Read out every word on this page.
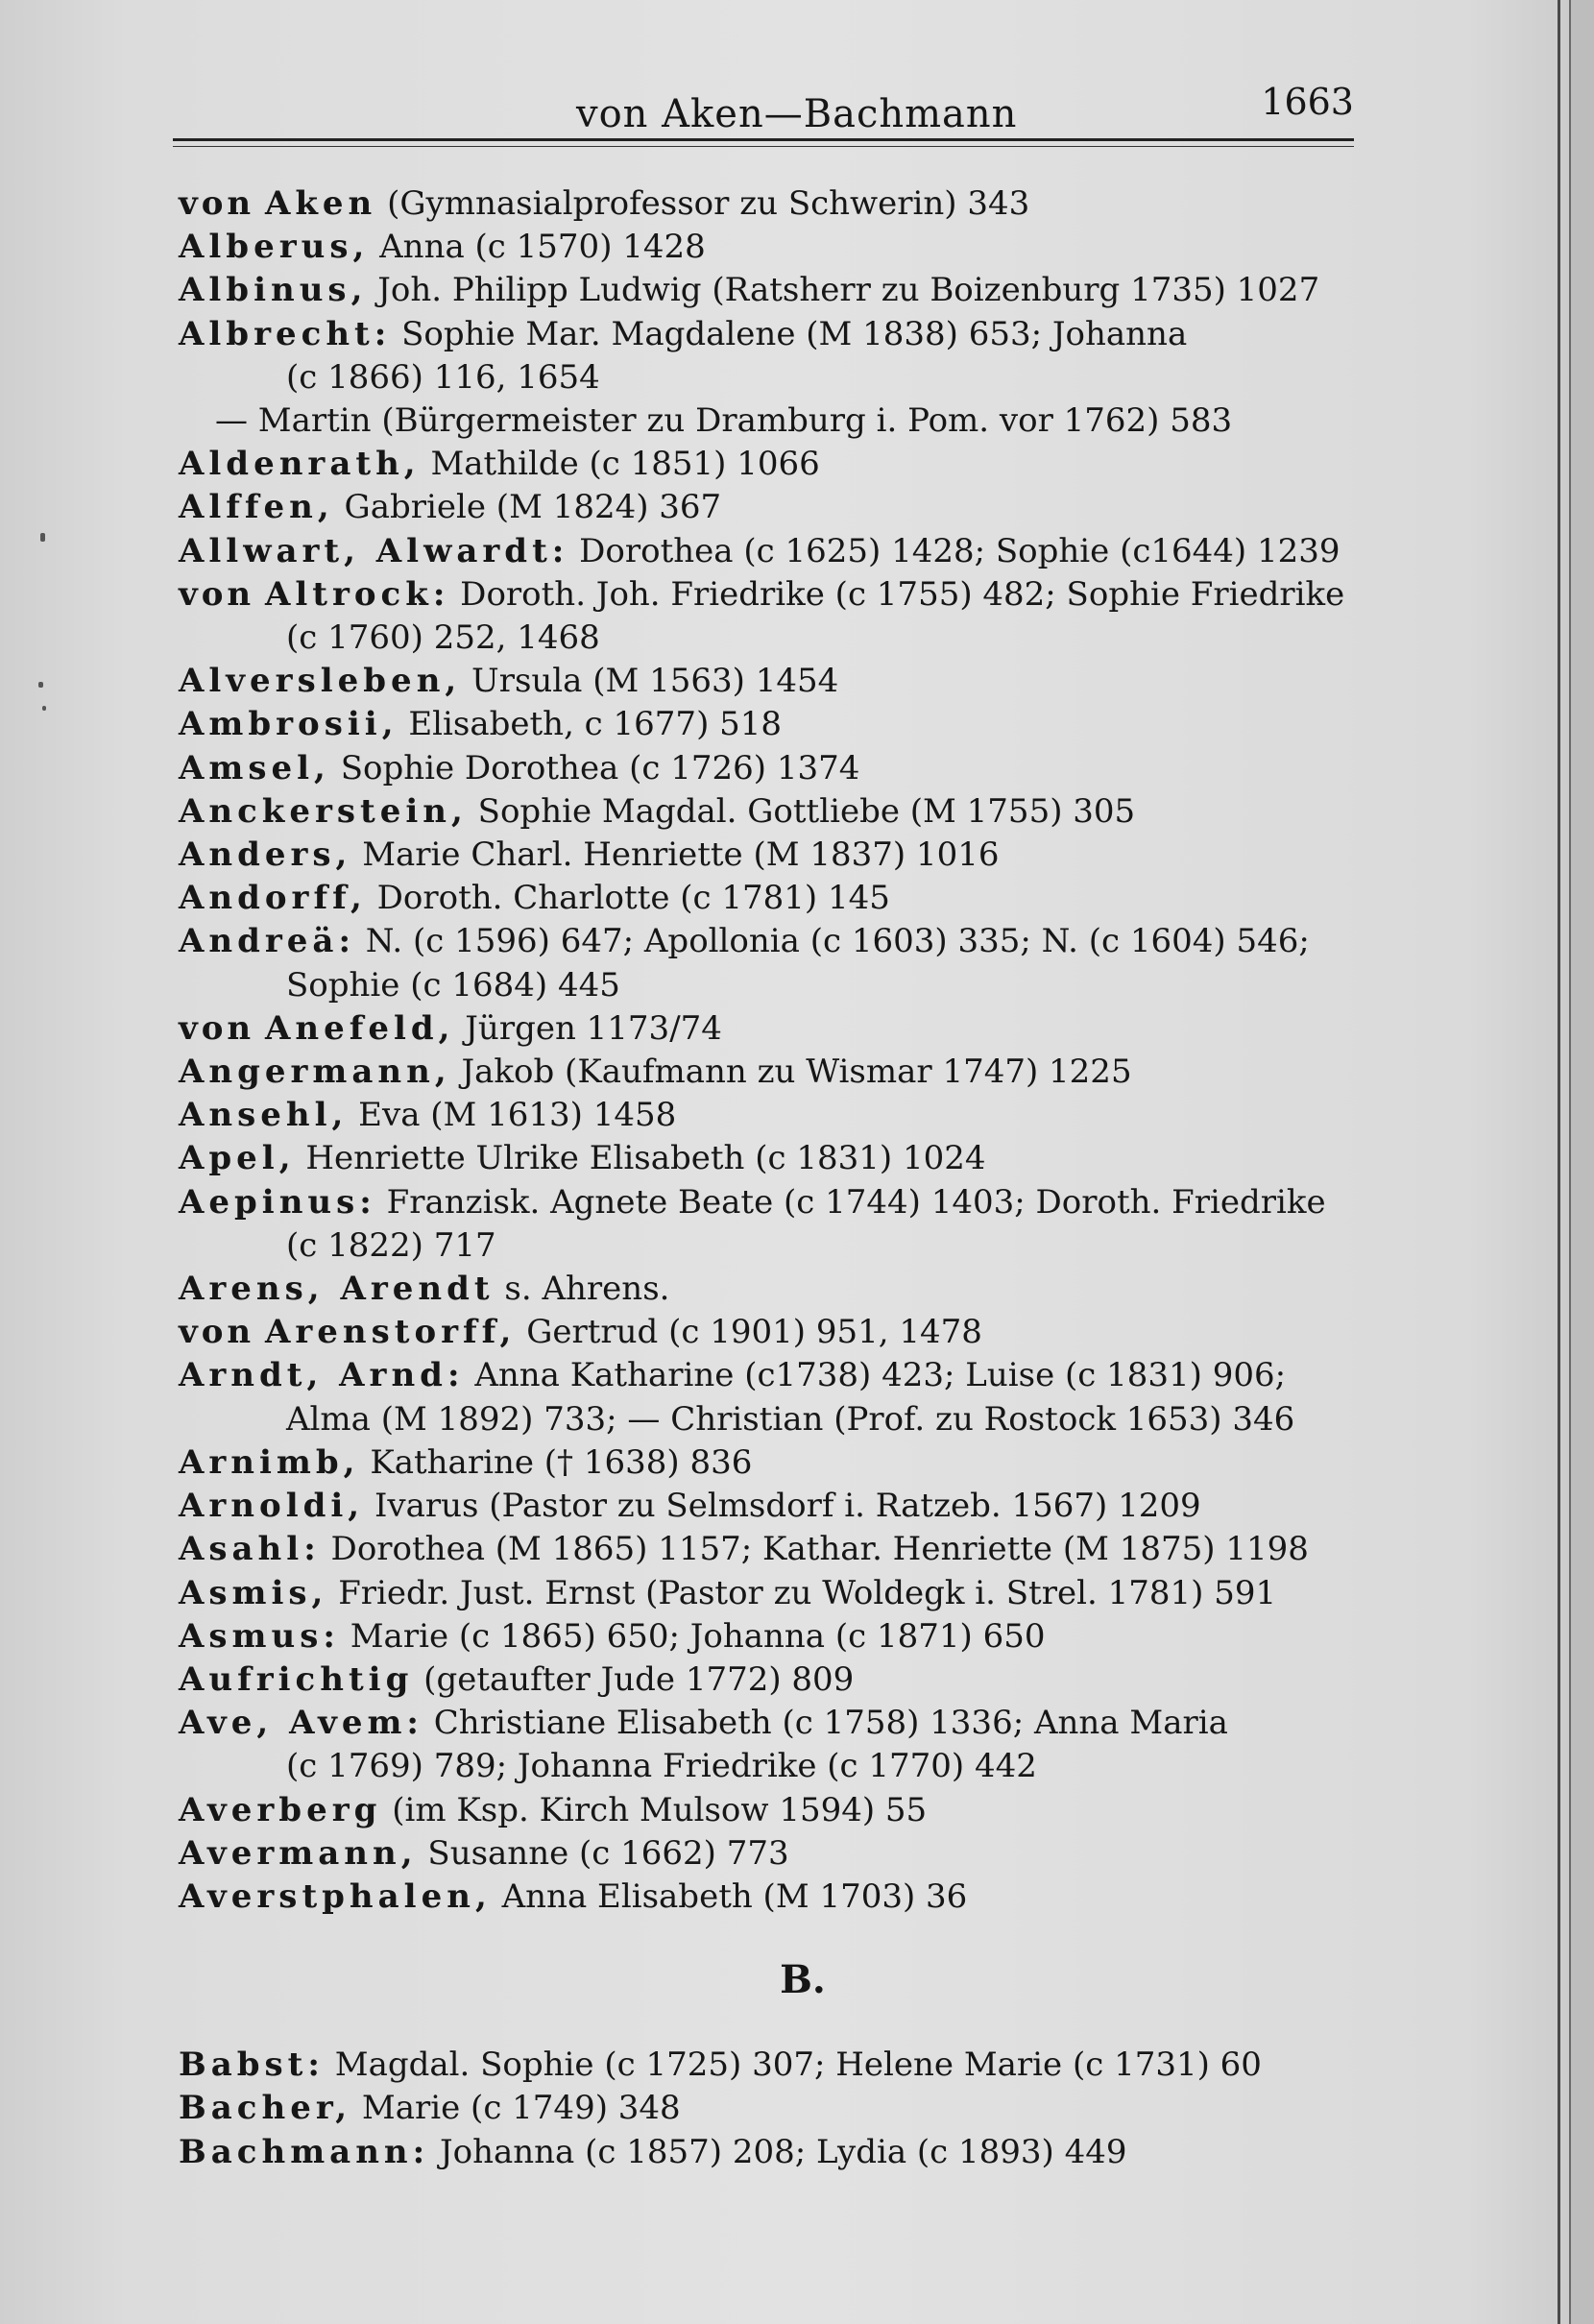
von Aken—Bachmann	1663

von Aken (Gymnasialprofessor zu Schwerin) 343

Alberus, Anna (c 1570) 1428

Albinus, Joh. Philipp Ludwig (Ratsherr zu Boizenburg 1735) 1027

Albrecht: Sophie Mar. Magdalene (M 1838) 653; Johanna

(c 1866) 116, 1654

— Martin (Bürgermeister zu Dramburg i. Pom. vor 1762) 583

Aldenrath, Mathilde (c 1851) 1066

Alffen, Gabriele (M 1824) 367

Allwart, Alwardt: Dorothea (c 1625) 1428; Sophie (c1644) 1239

von Altrock: Doroth. Joh. Friedrike (c 1755) 482; Sophie Friedrike

(c 1760) 252, 1468

Alversleben, Ursula (M 1563) 1454

Ambrosii, Elisabeth, c 1677) 518

Amsel, Sophie Dorothea (c 1726) 1374

Anckerstein, Sophie Magdal. Gottliebe (M 1755) 305

Anders, Marie Charl. Henriette (M 1837) 1016

Andorff, Doroth. Charlotte (c 1781) 145

Andreä: N. (c 1596) 647; Apollonia (c 1603) 335; N. (c 1604) 546;

Sophie (c 1684) 445

von Anefeld, Jürgen 1173/74

Angermann, Jakob (Kaufmann zu Wismar 1747) 1225

Ansehl, Eva (M 1613) 1458

Apel, Henriette Ulrike Elisabeth (c 1831) 1024

Aepinus: Franzisk. Agnete Beate (c 1744) 1403; Doroth. Friedrike

(c 1822) 717

Arens, Arendt s. Ahrens.

von Arenstorff, Gertrud (c 1901) 951, 1478

Arndt, Arnd: Anna Katharine (c1738) 423; Luise (c 1831) 906;

Alma (M 1892) 733; — Christian (Prof. zu Rostock 1653) 346

Arnimb, Katharine († 1638) 836

Arnoldi, Ivarus (Pastor zu Selmsdorf i. Ratzeb. 1567) 1209

Asahl: Dorothea (M 1865) 1157; Kathar. Henriette (M 1875) 1198

Asmis, Friedr. Just. Ernst (Pastor zu Woldegk i. Strel. 1781) 591

Asmus: Marie (c 1865) 650; Johanna (c 1871) 650

Aufrichtig (getaufter Jude 1772) 809

Ave, Avem: Christiane Elisabeth (c 1758) 1336; Anna Maria

(c 1769) 789; Johanna Friedrike (c 1770) 442

Averberg (im Ksp. Kirch Mulsow 1594) 55

Avermann, Susanne (c 1662) 773

Averstphalen, Anna Elisabeth (M 1703) 36

B.

Babst: Magdal. Sophie (c 1725) 307; Helene Marie (c 1731) 60

Bacher, Marie (c 1749) 348

Bachmann: Johanna (c 1857) 208; Lydia (c 1893) 449
